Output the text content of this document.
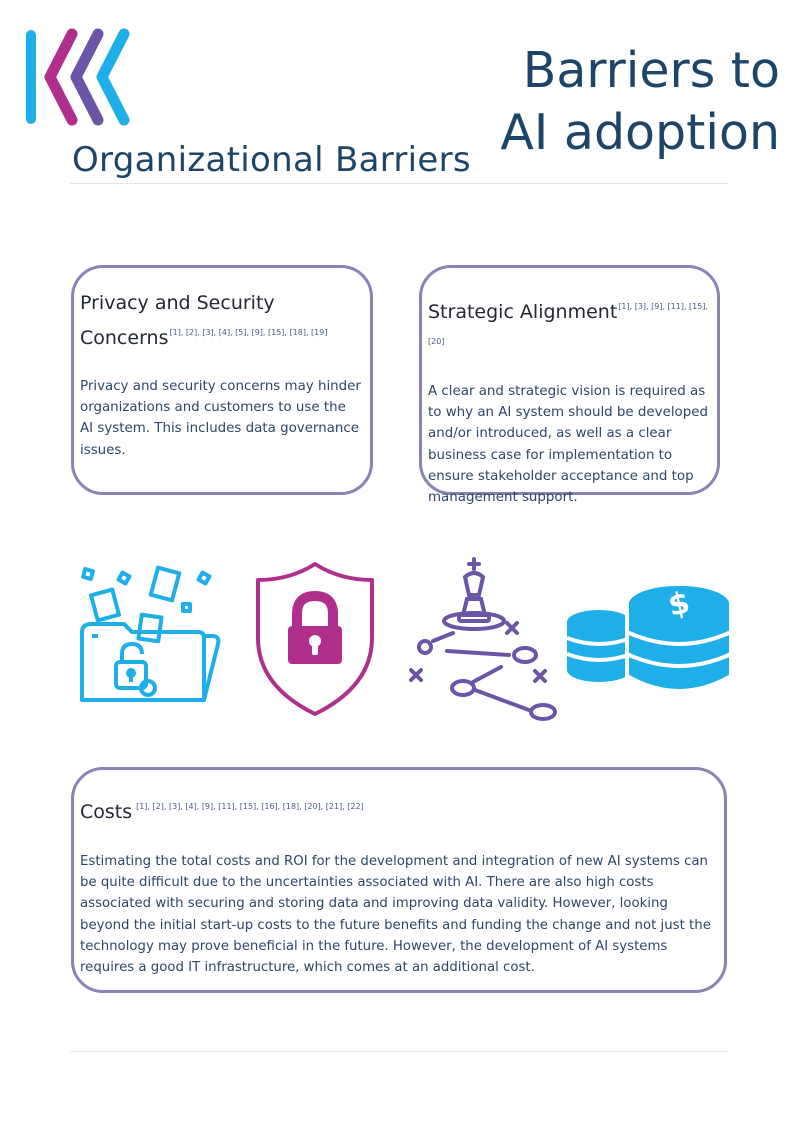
Barriers to
AI adoption
Organizational Barriers
Privacy and Security Concerns[1], [2], [3], [4], [5], [9], [15], [18], [19]

Privacy and security concerns may hinder organizations and customers to use the AI system. This includes data governance issues.

Strategic Alignment[1], [3], [9], [11], [15], [20]

A clear and strategic vision is required as to why an AI system should be developed and/or introduced, as well as a clear business case for implementation to ensure stakeholder acceptance and top management support.

$
Costs [1], [2], [3], [4], [9], [11], [15], [16], [18], [20], [21], [22]

Estimating the total costs and ROI for the development and integration of new AI systems can be quite difficult due to the uncertainties associated with AI. There are also high costs associated with securing and storing data and improving data validity. However, looking beyond the initial start-up costs to the future benefits and funding the change and not just the technology may prove beneficial in the future. However, the development of AI systems requires a good IT infrastructure, which comes at an additional cost.
